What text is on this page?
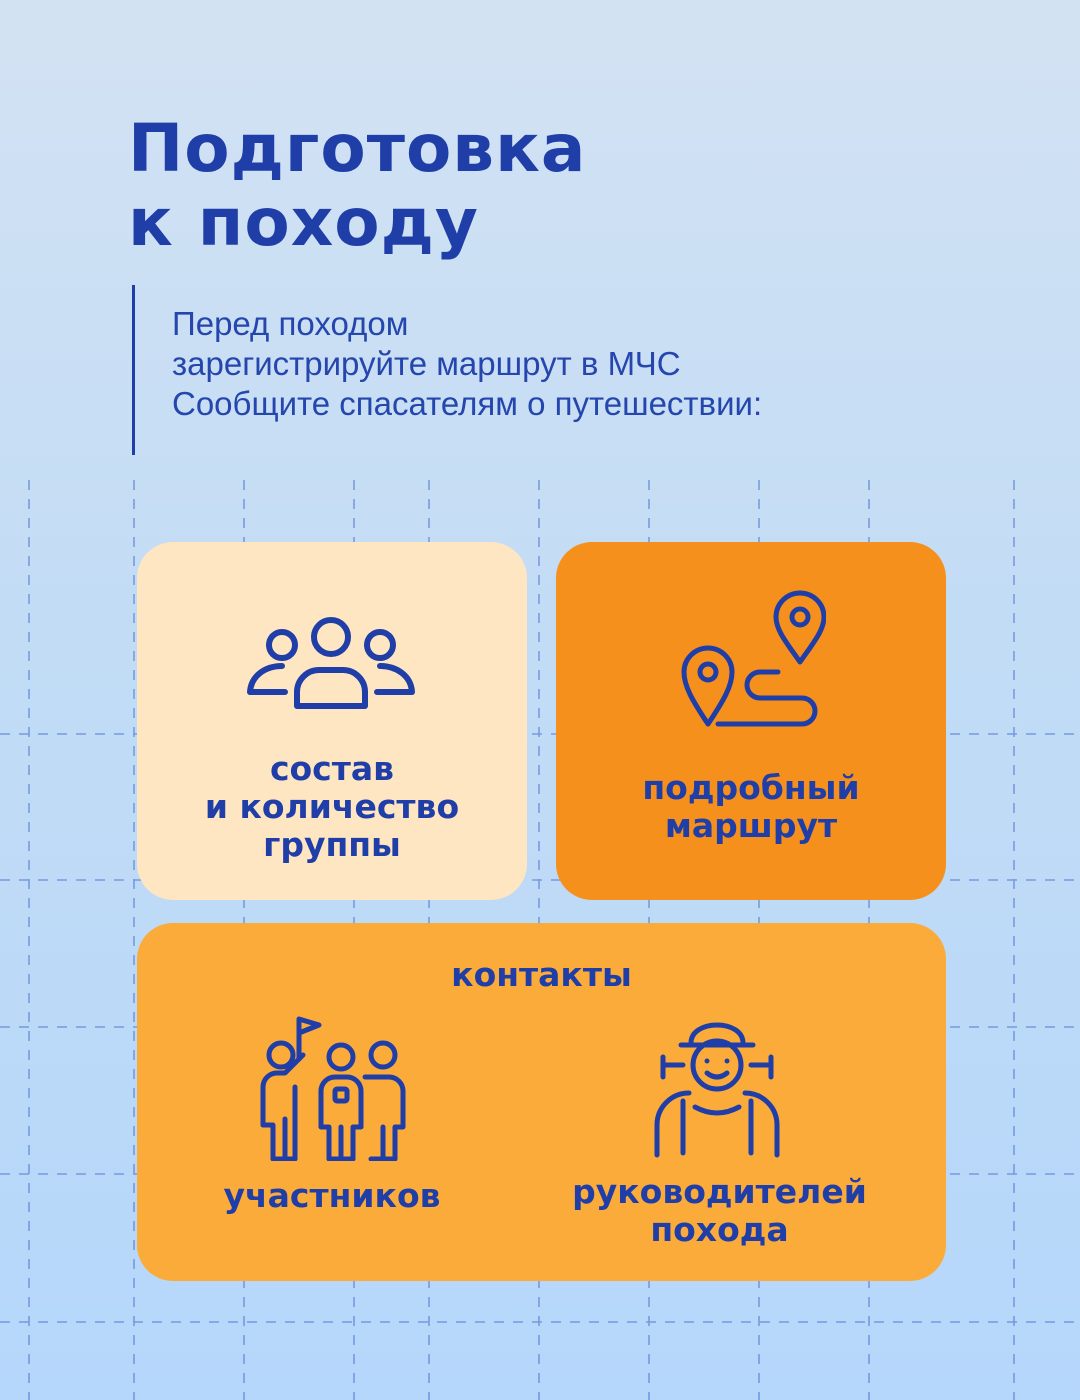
Подготовка
к походу
Перед походом
зарегистрируйте маршрут в МЧС
Сообщите спасателям о путешествии:
состав
и количество
группы
подробный
маршрут
контакты
участников	руководителей
похода
